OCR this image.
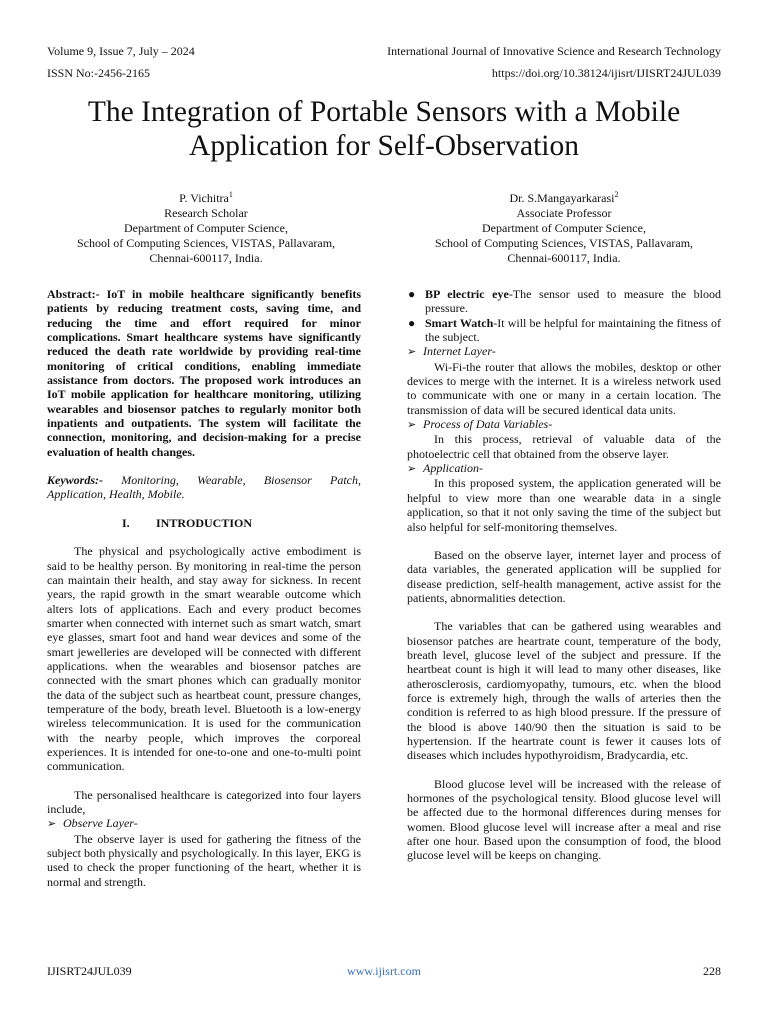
Volume 9, Issue 7, July – 2024	International Journal of Innovative Science and Research Technology
ISSN No:-2456-2165	https://doi.org/10.38124/ijisrt/IJISRT24JUL039
The Integration of Portable Sensors with a Mobile Application for Self-Observation
P. Vichitra$^1$
Research Scholar
Department of Computer Science,
School of Computing Sciences, VISTAS, Pallavaram,
Chennai-600117, India.
Dr. S.Mangayarkarasi$^2$
Associate Professor
Department of Computer Science,
School of Computing Sciences, VISTAS, Pallavaram,
Chennai-600117, India.

Abstract:- IoT in mobile healthcare significantly benefits patients by reducing treatment costs, saving time, and reducing the time and effort required for minor complications. Smart healthcare systems have significantly reduced the death rate worldwide by providing real-time monitoring of critical conditions, enabling immediate assistance from doctors. The proposed work introduces an IoT mobile application for healthcare monitoring, utilizing wearables and biosensor patches to regularly monitor both inpatients and outpatients. The system will facilitate the connection, monitoring, and decision-making for a precise evaluation of health changes.

Keywords:- Monitoring, Wearable, Biosensor Patch, Application, Health, Mobile.

I. INTRODUCTION

The physical and psychologically active embodiment is said to be healthy person. By monitoring in real-time the person can maintain their health, and stay away for sickness. In recent years, the rapid growth in the smart wearable outcome which alters lots of applications. Each and every product becomes smarter when connected with internet such as smart watch, smart eye glasses, smart foot and hand wear devices and some of the smart jewelleries are developed will be connected with different applications. when the wearables and biosensor patches are connected with the smart phones which can gradually monitor the data of the subject such as heartbeat count, pressure changes, temperature of the body, breath level. Bluetooth is a low-energy wireless telecommunication. It is used for the communication with the nearby people, which improves the corporeal experiences. It is intended for one-to-one and one-to-multi point communication.

The personalised healthcare is categorized into four layers include,

➢ Observe Layer-

The observe layer is used for gathering the fitness of the subject both physically and psychologically. In this layer, EKG is used to check the proper functioning of the heart, whether it is normal and strength.

● BP electric eye-The sensor used to measure the blood pressure.

● Smart Watch-It will be helpful for maintaining the fitness of the subject.

➢ Internet Layer-

Wi-Fi-the router that allows the mobiles, desktop or other devices to merge with the internet. It is a wireless network used to communicate with one or many in a certain location. The transmission of data will be secured identical data units.

➢ Process of Data Variables-

In this process, retrieval of valuable data of the photoelectric cell that obtained from the observe layer.

➢ Application-

In this proposed system, the application generated will be helpful to view more than one wearable data in a single application, so that it not only saving the time of the subject but also helpful for self-monitoring themselves.

Based on the observe layer, internet layer and process of data variables, the generated application will be supplied for disease prediction, self-health management, active assist for the patients, abnormalities detection.

The variables that can be gathered using wearables and biosensor patches are heartrate count, temperature of the body, breath level, glucose level of the subject and pressure. If the heartbeat count is high it will lead to many other diseases, like atherosclerosis, cardiomyopathy, tumours, etc. when the blood force is extremely high, through the walls of arteries then the condition is referred to as high blood pressure. If the pressure of the blood is above 140/90 then the situation is said to be hypertension. If the heartrate count is fewer it causes lots of diseases which includes hypothyroidism, Bradycardia, etc.

Blood glucose level will be increased with the release of hormones of the psychological tensity. Blood glucose level will be affected due to the hormonal differences during menses for women. Blood glucose level will increase after a meal and rise after one hour. Based upon the consumption of food, the blood glucose level will be keeps on changing.

IJISRT24JUL039	www.ijisrt.com	228
